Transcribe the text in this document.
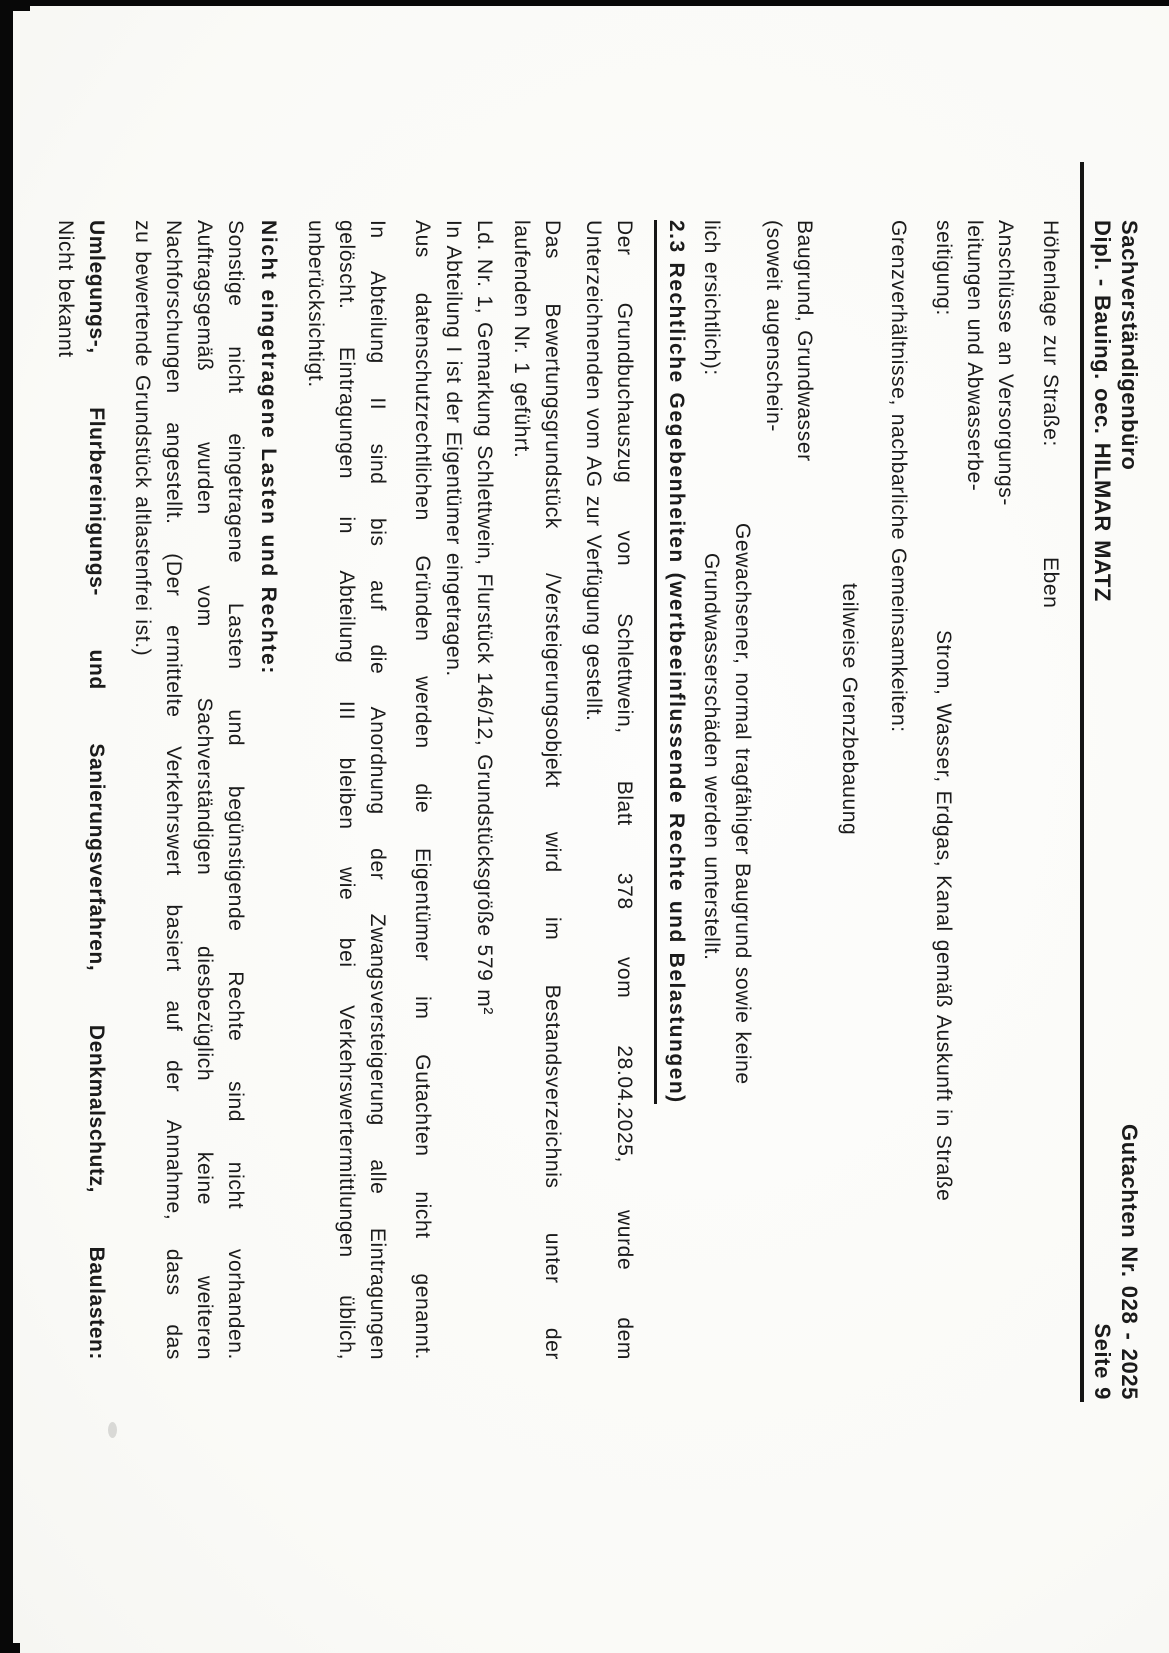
Sachverständigenbüro
Dipl. - Bauing. oec. HILMAR MATZ
Gutachten Nr. 028 - 2025
Seite 9
Höhenlage zur Straße:Eben
Anschlüsse an Versorgungs-
leitungen und Abwasserbe-
seitigung:Strom, Wasser, Erdgas, Kanal gemäß Auskunft in Straße
Grenzverhältnisse, nachbarliche Gemeinsamkeiten:
teilweise Grenzbebauung
Baugrund, Grundwasser
(soweit augenschein-
Gewachsener, normal tragfähiger Baugrund sowie keine
lich ersichtlich):Grundwasserschäden werden unterstellt.
2.3 Rechtliche Gegebenheiten (wertbeeinflussende Rechte und Belastungen)
Der Grundbuchauszug von Schlettwein, Blatt 378 vom 28.04.2025, wurde dem
Unterzeichnenden vom AG zur Verfügung gestellt.
Das Bewertungsgrundstück /Versteigerungsobjekt wird im Bestandsverzeichnis unter der
laufenden Nr. 1 geführt.
Ld. Nr. 1, Gemarkung Schlettwein, Flurstück 146/12, Grundstücksgröße 579 m²
In Abteilung I ist der Eigentümer eingetragen.
Aus datenschutzrechtlichen Gründen werden die Eigentümer im Gutachten nicht genannt.
In Abteilung II sind bis auf die Anordnung der Zwangsversteigerung alle Eintragungen
gelöscht. Eintragungen in Abteilung III bleiben wie bei Verkehrswertermittlungen üblich,
unberücksichtigt.
Nicht eingetragene Lasten und Rechte:
Sonstige nicht eingetragene Lasten und begünstigende Rechte sind nicht vorhanden.
Auftragsgemäß wurden vom Sachverständigen diesbezüglich keine weiteren
Nachforschungen angestellt. (Der ermittelte Verkehrswert basiert auf der Annahme, dass das
zu bewertende Grundstück altlastenfrei ist.)
Umlegungs-, Flurbereinigungs- und Sanierungsverfahren, Denkmalschutz, Baulasten:
Nicht bekannt
